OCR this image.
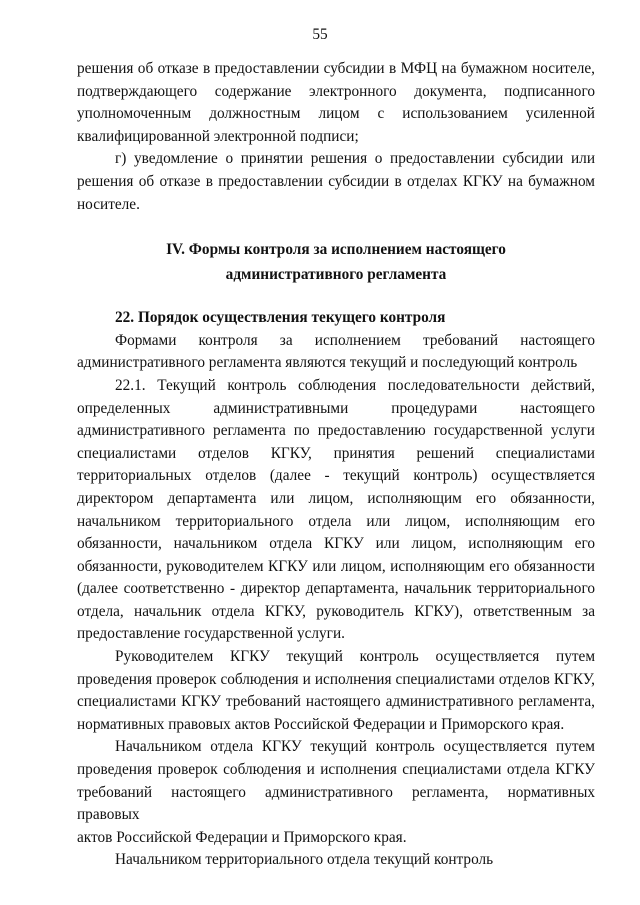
55
решения об отказе в предоставлении субсидии в МФЦ на бумажном носителе,
подтверждающего содержание электронного документа, подписанного
уполномоченным должностным лицом с использованием усиленной
квалифицированной электронной подписи;
г) уведомление о принятии решения о предоставлении субсидии или
решения об отказе в предоставлении субсидии в отделах КГКУ на бумажном
носителе.
IV. Формы контроля за исполнением настоящего
административного регламента
22. Порядок осуществления текущего контроля
Формами контроля за исполнением требований настоящего
административного регламента являются текущий и последующий контроль
22.1. Текущий контроль соблюдения последовательности действий,
определенных административными процедурами настоящего
административного регламента по предоставлению государственной услуги
специалистами отделов КГКУ, принятия решений специалистами
территориальных отделов (далее - текущий контроль) осуществляется
директором департамента или лицом, исполняющим его обязанности,
начальником территориального отдела или лицом, исполняющим его
обязанности, начальником отдела КГКУ или лицом, исполняющим его
обязанности, руководителем КГКУ или лицом, исполняющим его обязанности
(далее соответственно - директор департамента, начальник территориального
отдела, начальник отдела КГКУ, руководитель КГКУ), ответственным за
предоставление государственной услуги.
Руководителем КГКУ текущий контроль осуществляется путем
проведения проверок соблюдения и исполнения специалистами отделов КГКУ,
специалистами КГКУ требований настоящего административного регламента,
нормативных правовых актов Российской Федерации и Приморского края.
Начальником отдела КГКУ текущий контроль осуществляется путем
проведения проверок соблюдения и исполнения специалистами отдела КГКУ
требований настоящего административного регламента, нормативных правовых
актов Российской Федерации и Приморского края.
Начальником территориального отдела текущий контроль
